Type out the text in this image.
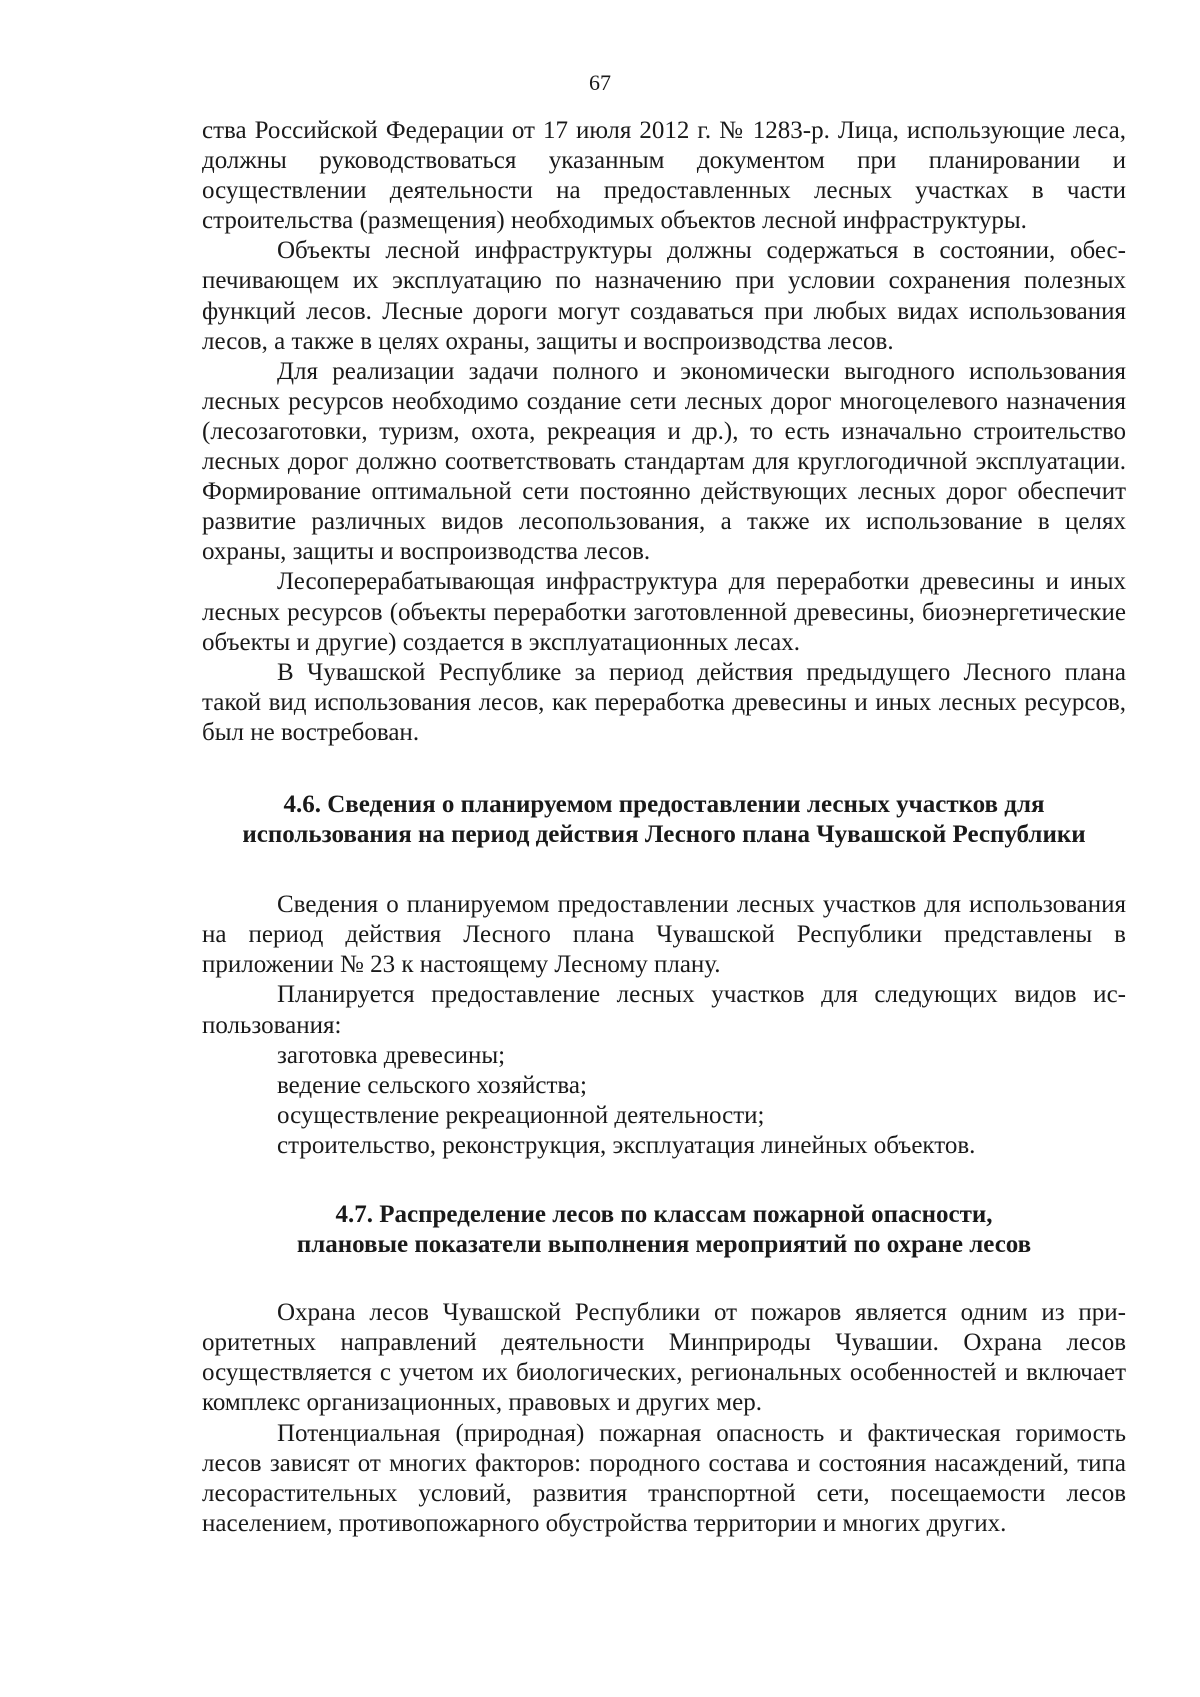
67

ства Российской Федерации от 17 июля 2012 г. № 1283-р. Лица, использующие леса, должны руководствоваться указанным документом при планировании и осуществлении деятельности на предоставленных лесных участках в части строительства (размещения) необходимых объектов лесной инфраструктуры.

Объекты лесной инфраструктуры должны содержаться в состоянии, обеспечивающем их эксплуатацию по назначению при условии сохранения полезных функций лесов. Лесные дороги могут создаваться при любых видах использования лесов, а также в целях охраны, защиты и воспроизводства лесов.

Для реализации задачи полного и экономически выгодного использования лесных ресурсов необходимо создание сети лесных дорог многоцелевого назначения (лесозаготовки, туризм, охота, рекреация и др.), то есть изначально строительство лесных дорог должно соответствовать стандартам для круглогодичной эксплуатации. Формирование оптимальной сети постоянно действующих лесных дорог обеспечит развитие различных видов лесопользования, а также их использование в целях охраны, защиты и воспроизводства лесов.

Лесоперерабатывающая инфраструктура для переработки древесины и иных лесных ресурсов (объекты переработки заготовленной древесины, биоэнергетические объекты и другие) создается в эксплуатационных лесах.

В Чувашской Республике за период действия предыдущего Лесного плана такой вид использования лесов, как переработка древесины и иных лесных ресурсов, был не востребован.

4.6. Сведения о планируемом предоставлении лесных участков для

использования на период действия Лесного плана Чувашской Республики

Сведения о планируемом предоставлении лесных участков для использования на период действия Лесного плана Чувашской Республики представлены в приложении № 23 к настоящему Лесному плану.

Планируется предоставление лесных участков для следующих видов использования:

заготовка древесины;

ведение сельского хозяйства;

осуществление рекреационной деятельности;

строительство, реконструкция, эксплуатация линейных объектов.

4.7. Распределение лесов по классам пожарной опасности,

плановые показатели выполнения мероприятий по охране лесов

Охрана лесов Чувашской Республики от пожаров является одним из приоритетных направлений деятельности Минприроды Чувашии. Охрана лесов осуществляется с учетом их биологических, региональных особенностей и включает комплекс организационных, правовых и других мер.

Потенциальная (природная) пожарная опасность и фактическая горимость лесов зависят от многих факторов: породного состава и состояния насаждений, типа лесорастительных условий, развития транспортной сети, посещаемости лесов населением, противопожарного обустройства территории и многих других.
